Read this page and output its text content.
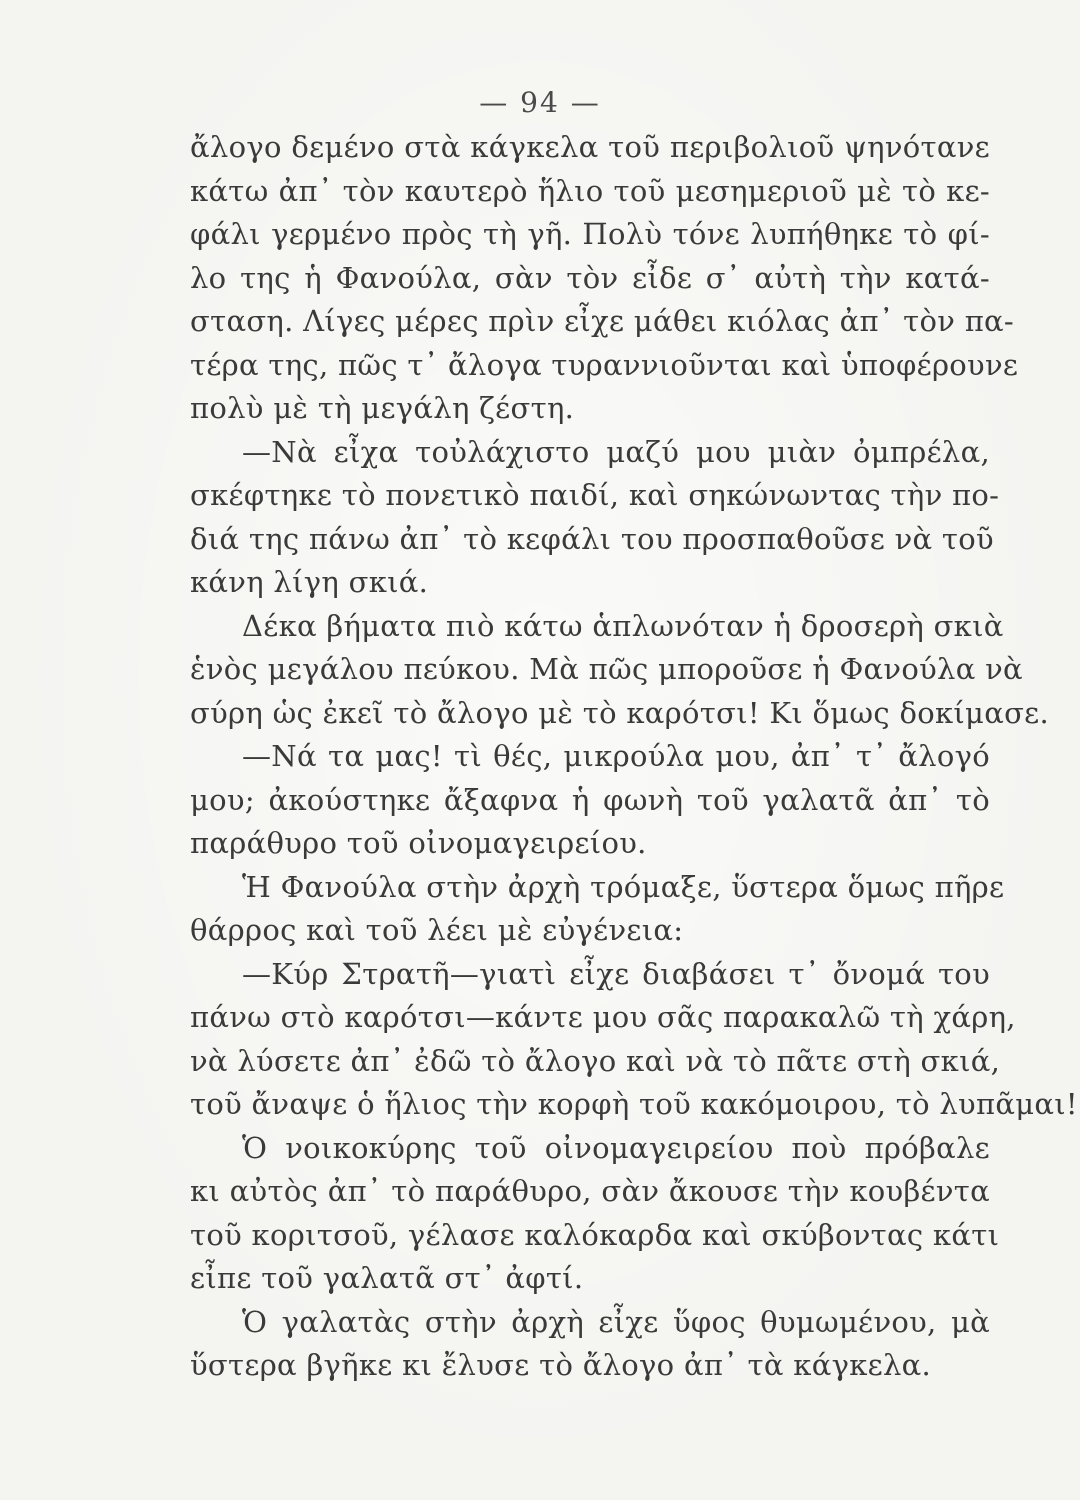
— 94 —
ἄλογο δεμένο στὰ κάγκελα τοῦ περιβολιοῦ ψηνότανε
κάτω ἀπ᾿ τὸν καυτερὸ ἥλιο τοῦ μεσημεριοῦ μὲ τὸ κε-
φάλι γερμένο πρὸς τὴ γῆ. Πολὺ τόνε λυπήθηκε τὸ φί-
λο της ἡ Φανούλα, σὰν τὸν εἶδε σ᾿ αὐτὴ τὴν κατά-
σταση. Λίγες μέρες πρὶν εἶχε μάθει κιόλας ἀπ᾿ τὸν πα-
τέρα της, πῶς τ᾿ ἄλογα τυραννιοῦνται καὶ ὑποφέρουνε
πολὺ μὲ τὴ μεγάλη ζέστη.
—Νὰ εἶχα τοὐλάχιστο μαζύ μου μιὰν ὀμπρέλα,
σκέφτηκε τὸ πονετικὸ παιδί, καὶ σηκώνωντας τὴν πο-
διά της πάνω ἀπ᾿ τὸ κεφάλι του προσπαθοῦσε νὰ τοῦ
κάνη λίγη σκιά.
Δέκα βήματα πιὸ κάτω ἁπλωνόταν ἡ δροσερὴ σκιὰ
ἑνὸς μεγάλου πεύκου. Μὰ πῶς μποροῦσε ἡ Φανούλα νὰ
σύρη ὡς ἐκεῖ τὸ ἄλογο μὲ τὸ καρότσι! Κι ὅμως δοκίμασε.
—Νά τα μας! τὶ θές, μικρούλα μου, ἀπ᾿ τ᾿ ἄλογό
μου; ἀκούστηκε ἄξαφνα ἡ φωνὴ τοῦ γαλατᾶ ἀπ᾿ τὸ
παράθυρο τοῦ οἰνομαγειρείου.
Ἡ Φανούλα στὴν ἀρχὴ τρόμαξε, ὕστερα ὅμως πῆρε
θάρρος καὶ τοῦ λέει μὲ εὐγένεια:
—Κύρ Στρατῆ—γιατὶ εἶχε διαβάσει τ᾿ ὄνομά του
πάνω στὸ καρότσι—κάντε μου σᾶς παρακαλῶ τὴ χάρη,
νὰ λύσετε ἀπ᾿ ἐδῶ τὸ ἄλογο καὶ νὰ τὸ πᾶτε στὴ σκιά,
τοῦ ἄναψε ὁ ἥλιος τὴν κορφὴ τοῦ κακόμοιρου, τὸ λυπᾶμαι!
Ὁ νοικοκύρης τοῦ οἰνομαγειρείου ποὺ πρόβαλε
κι αὐτὸς ἀπ᾿ τὸ παράθυρο, σὰν ἄκουσε τὴν κουβέντα
τοῦ κοριτσοῦ, γέλασε καλόκαρδα καὶ σκύβοντας κάτι
εἶπε τοῦ γαλατᾶ στ᾿ ἀφτί.
Ὁ γαλατὰς στὴν ἀρχὴ εἶχε ὕφος θυμωμένου, μὰ
ὕστερα βγῆκε κι ἔλυσε τὸ ἄλογο ἀπ᾿ τὰ κάγκελα.
